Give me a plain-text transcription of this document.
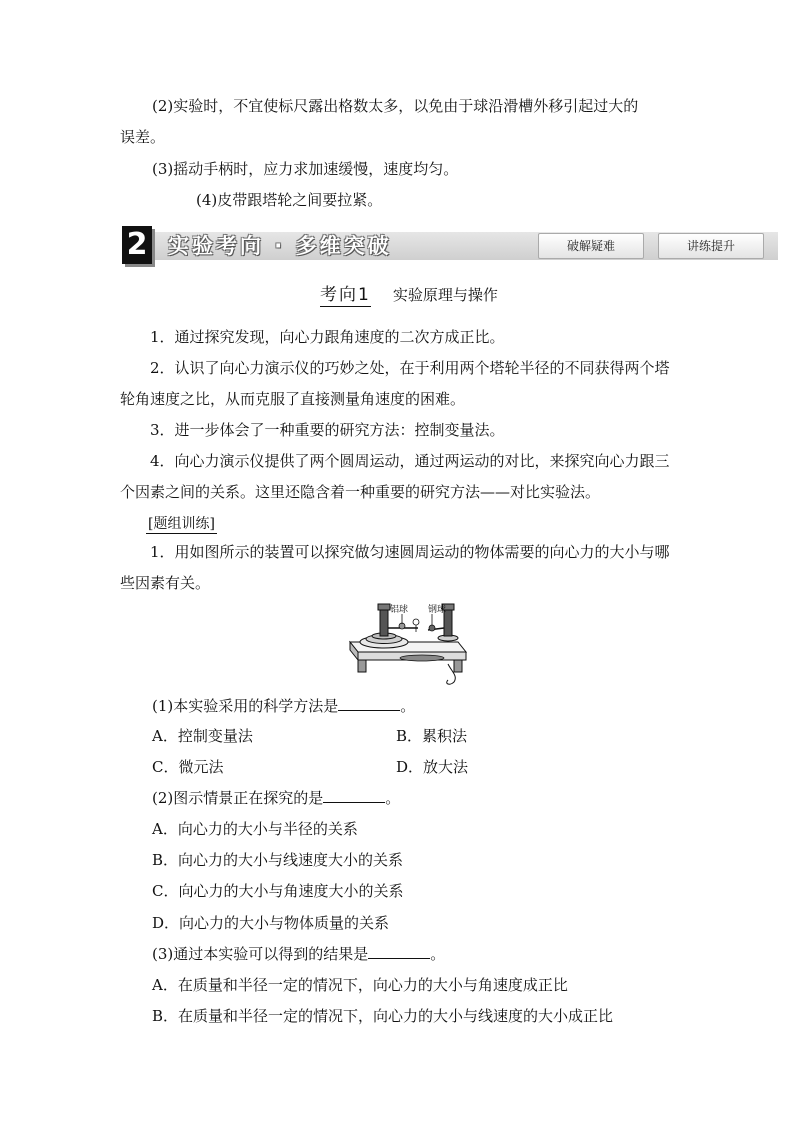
(2)实验时，不宜使标尺露出格数太多，以免由于球沿滑槽外移引起过大的
误差。
(3)摇动手柄时，应力求加速缓慢，速度均匀。
(4)皮带跟塔轮之间要拉紧。
2 实验考向 · 多维突破	破解疑难	讲练提升
考向1 实验原理与操作
1．通过探究发现，向心力跟角速度的二次方成正比。
2．认识了向心力演示仪的巧妙之处，在于利用两个塔轮半径的不同获得两个塔轮角速度之比，从而克服了直接测量角速度的困难。
3．进一步体会了一种重要的研究方法：控制变量法。
4．向心力演示仪提供了两个圆周运动，通过两运动的对比，来探究向心力跟三个因素之间的关系。这里还隐含着一种重要的研究方法——对比实验法。
[题组训练]
1．用如图所示的装置可以探究做匀速圆周运动的物体需要的向心力的大小与哪些因素有关。
铝球 钢球
(1)本实验采用的科学方法是	。
A．控制变量法	B．累积法
C．微元法	D．放大法
(2)图示情景正在探究的是	。
A．向心力的大小与半径的关系
B．向心力的大小与线速度大小的关系
C．向心力的大小与角速度大小的关系
D．向心力的大小与物体质量的关系
(3)通过本实验可以得到的结果是	。
A．在质量和半径一定的情况下，向心力的大小与角速度成正比
B．在质量和半径一定的情况下，向心力的大小与线速度的大小成正比
